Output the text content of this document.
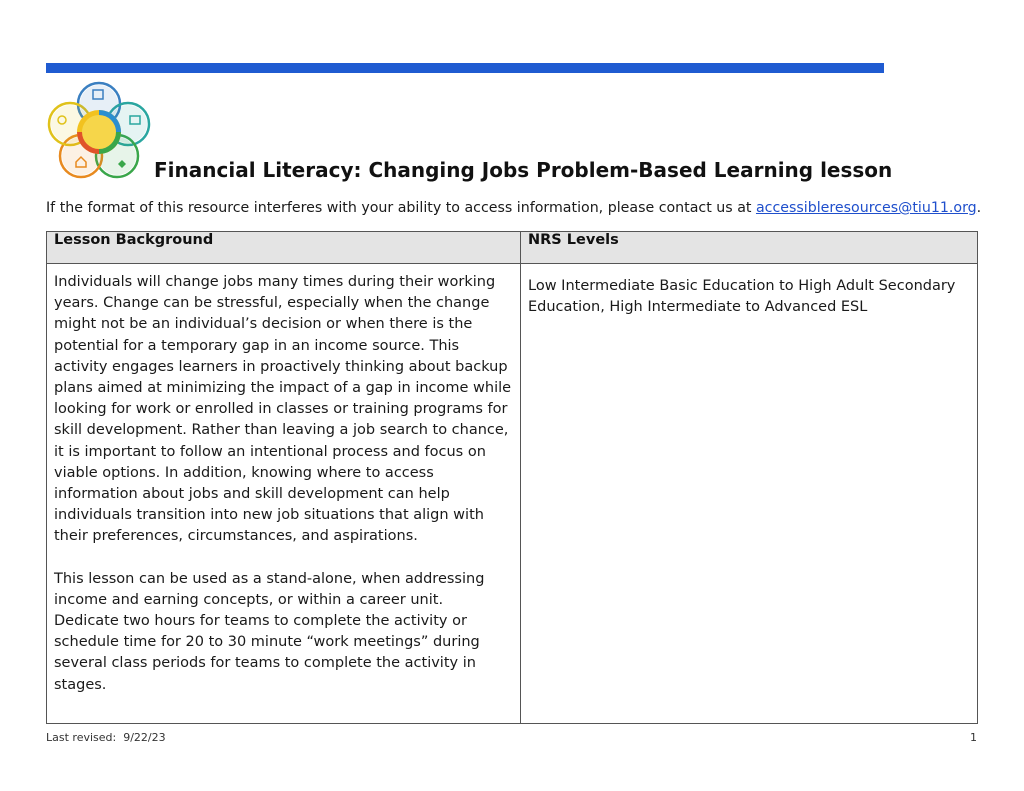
Financial Literacy: Changing Jobs Problem-Based Learning lesson
If the format of this resource interferes with your ability to access information, please contact us at accessibleresources@tiu11.org.
Lesson Background	NRS Levels

Individuals will change jobs many times during their working years. Change can be stressful, especially when the change might not be an individual’s decision or when there is the potential for a temporary gap in an income source. This activity engages learners in proactively thinking about backup plans aimed at minimizing the impact of a gap in income while looking for work or enrolled in classes or training programs for skill development. Rather than leaving a job search to chance, it is important to follow an intentional process and focus on viable options. In addition, knowing where to access information about jobs and skill development can help individuals transition into new job situations that align with their preferences, circumstances, and aspirations.
This lesson can be used as a stand-alone, when addressing income and earning concepts, or within a career unit. Dedicate two hours for teams to complete the activity or schedule time for 20 to 30 minute “work meetings” during several class periods for teams to complete the activity in stages.	Low Intermediate Basic Education to High Adult Secondary Education, High Intermediate to Advanced ESL
Last revised:  9/22/23	1
